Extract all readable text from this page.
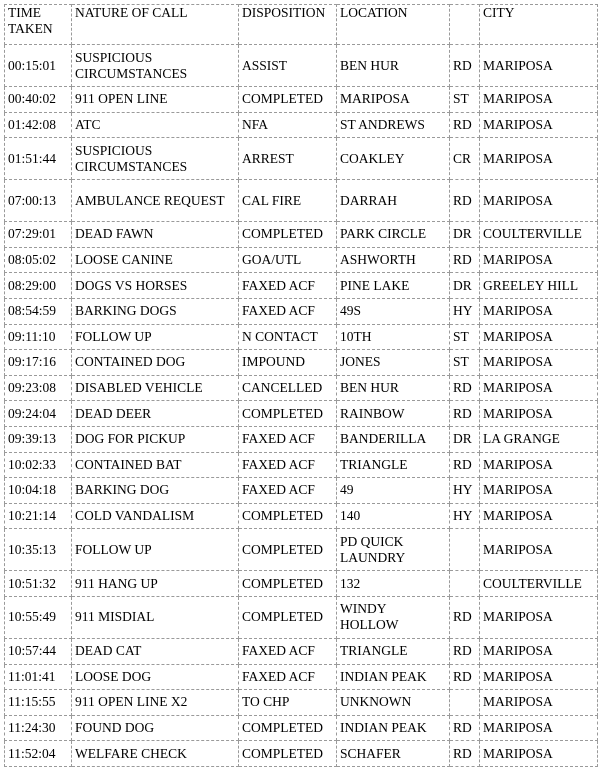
TIME TAKEN	NATURE OF CALL	DISPOSITION	LOCATION		CITY
00:15:01	SUSPICIOUS CIRCUMSTANCES	ASSIST	BEN HUR	RD	MARIPOSA
00:40:02	911 OPEN LINE	COMPLETED	MARIPOSA	ST	MARIPOSA
01:42:08	ATC	NFA	ST ANDREWS	RD	MARIPOSA
01:51:44	SUSPICIOUS CIRCUMSTANCES	ARREST	COAKLEY	CR	MARIPOSA
07:00:13	AMBULANCE REQUEST	CAL FIRE	DARRAH	RD	MARIPOSA
07:29:01	DEAD FAWN	COMPLETED	PARK CIRCLE	DR	COULTERVILLE
08:05:02	LOOSE CANINE	GOA/UTL	ASHWORTH	RD	MARIPOSA
08:29:00	DOGS VS HORSES	FAXED ACF	PINE LAKE	DR	GREELEY HILL
08:54:59	BARKING DOGS	FAXED ACF	49S	HY	MARIPOSA
09:11:10	FOLLOW UP	N CONTACT	10TH	ST	MARIPOSA
09:17:16	CONTAINED DOG	IMPOUND	JONES	ST	MARIPOSA
09:23:08	DISABLED VEHICLE	CANCELLED	BEN HUR	RD	MARIPOSA
09:24:04	DEAD DEER	COMPLETED	RAINBOW	RD	MARIPOSA
09:39:13	DOG FOR PICKUP	FAXED ACF	BANDERILLA	DR	LA GRANGE
10:02:33	CONTAINED BAT	FAXED ACF	TRIANGLE	RD	MARIPOSA
10:04:18	BARKING DOG	FAXED ACF	49	HY	MARIPOSA
10:21:14	COLD VANDALISM	COMPLETED	140	HY	MARIPOSA
10:35:13	FOLLOW UP	COMPLETED	PD QUICK LAUNDRY		MARIPOSA
10:51:32	911 HANG UP	COMPLETED	132		COULTERVILLE
10:55:49	911 MISDIAL	COMPLETED	WINDY HOLLOW	RD	MARIPOSA
10:57:44	DEAD CAT	FAXED ACF	TRIANGLE	RD	MARIPOSA
11:01:41	LOOSE DOG	FAXED ACF	INDIAN PEAK	RD	MARIPOSA
11:15:55	911 OPEN LINE X2	TO CHP	UNKNOWN		MARIPOSA
11:24:30	FOUND DOG	COMPLETED	INDIAN PEAK	RD	MARIPOSA
11:52:04	WELFARE CHECK	COMPLETED	SCHAFER	RD	MARIPOSA
